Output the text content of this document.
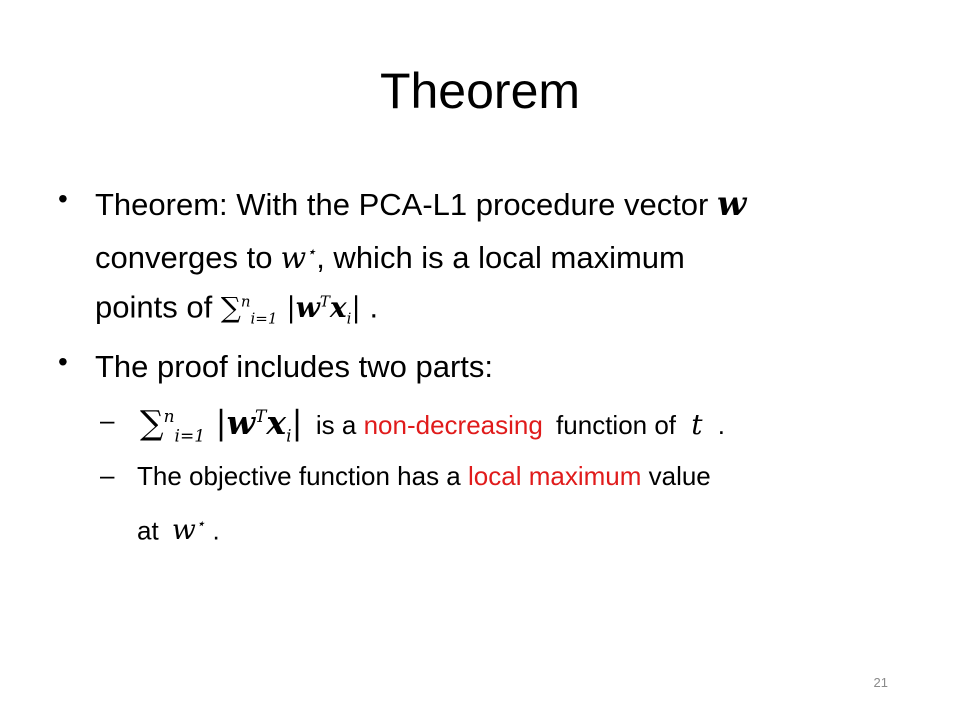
Theorem
• Theorem: With the PCA-L1 procedure vector w
converges to w⋆, which is a local maximum
points of ∑$^n_{i=1}$ $|w^Tx_i|$ .
• The proof includes two parts:
– ∑$^n_{i=1}$ $|w^Tx_i|$ is a non-decreasing function of t .
– The objective function has a local maximum value
at w⋆ .
21
